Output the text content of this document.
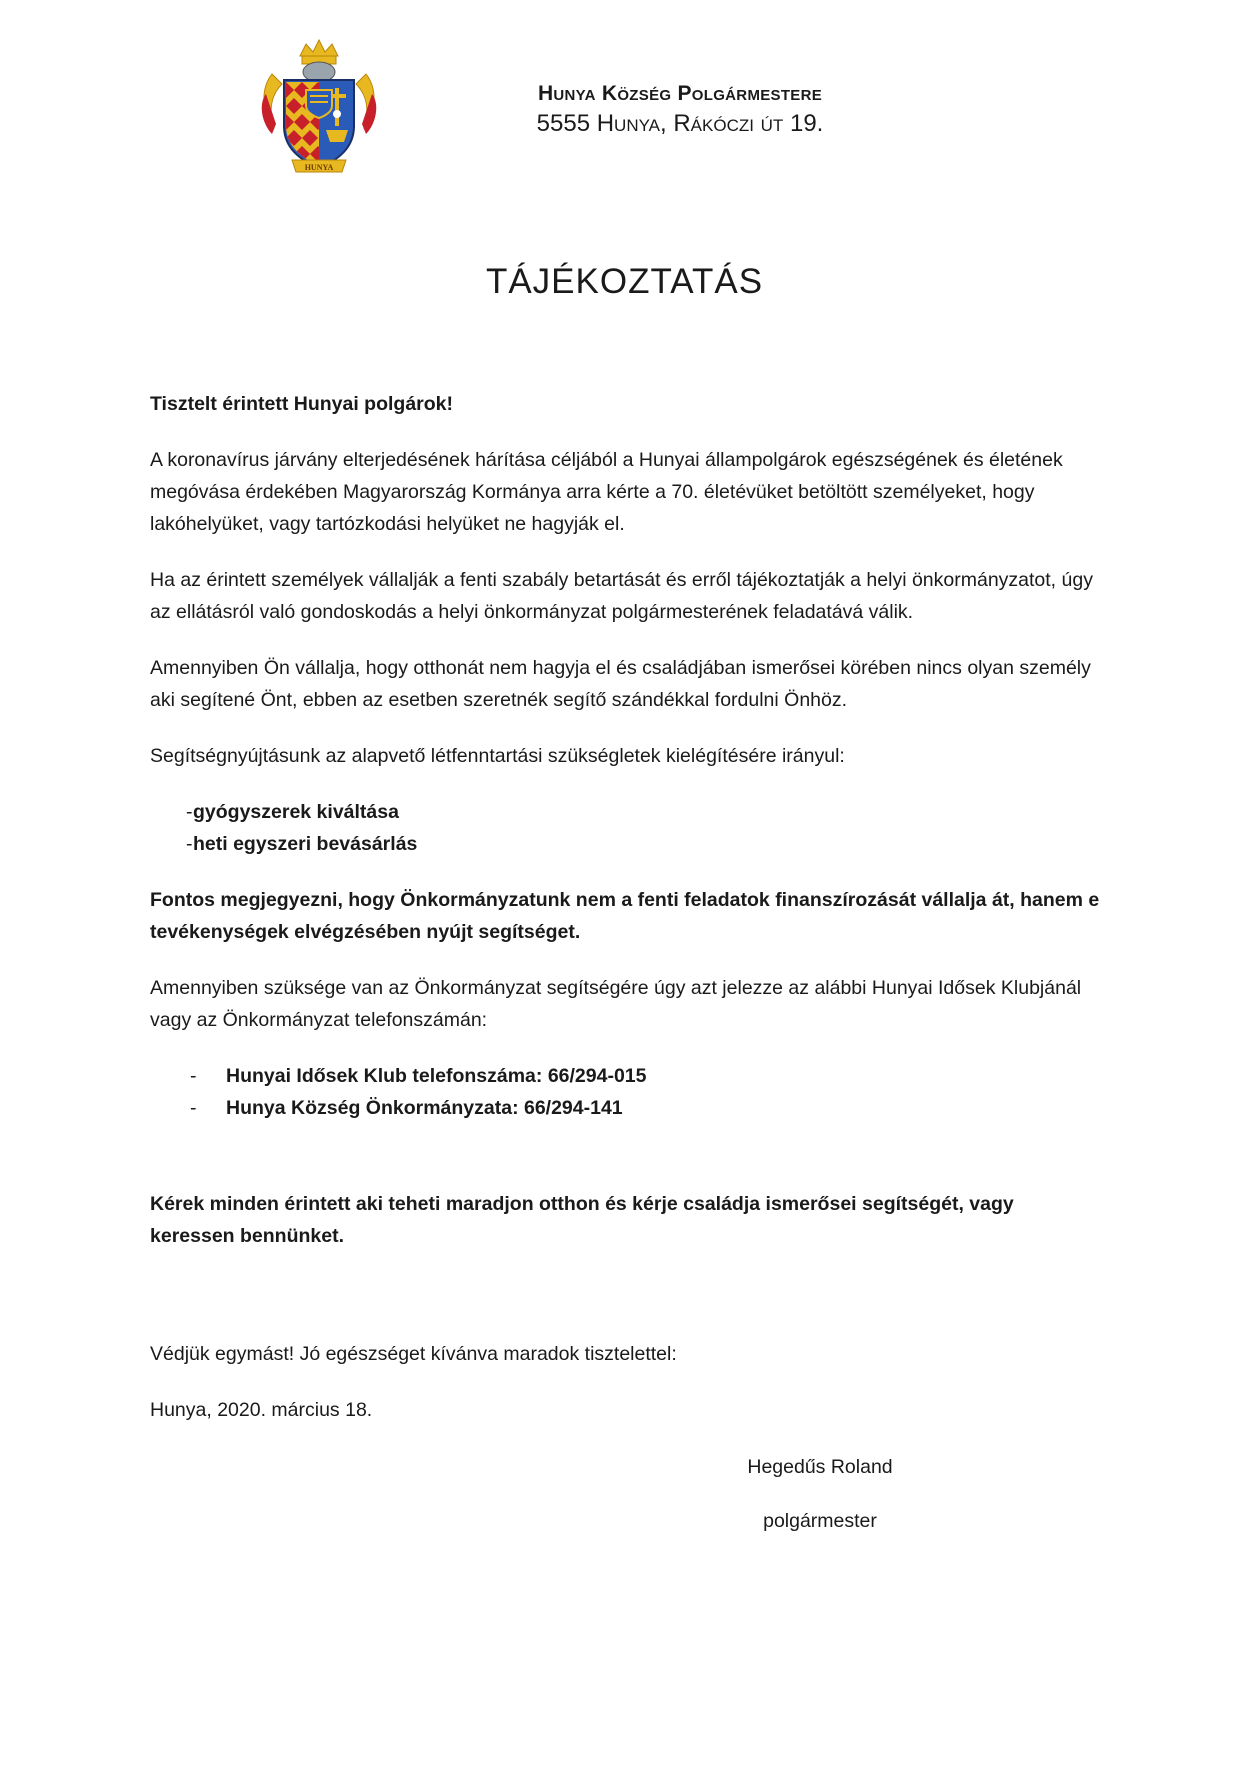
HUNYA
Hunya Község Polgármestere
5555 Hunya, Rákóczi út 19.
TÁJÉKOZTATÁS

Tisztelt érintett Hunyai polgárok!

A koronavírus járvány elterjedésének hárítása céljából a Hunyai állampolgárok egészségének és életének megóvása érdekében Magyarország Kormánya arra kérte a 70. életévüket betöltött személyeket, hogy lakóhelyüket, vagy tartózkodási helyüket ne hagyják el.

Ha az érintett személyek vállalják a fenti szabály betartását és erről tájékoztatják a helyi önkormányzatot, úgy az ellátásról való gondoskodás a helyi önkormányzat polgármesterének feladatává válik.

Amennyiben Ön vállalja, hogy otthonát nem hagyja el és családjában ismerősei körében nincs olyan személy aki segítené Önt, ebben az esetben szeretnék segítő szándékkal fordulni Önhöz.

Segítségnyújtásunk az alapvető létfenntartási szükségletek kielégítésére irányul:

- gyógyszerek kiváltása
- heti egyszeri bevásárlás

Fontos megjegyezni, hogy Önkormányzatunk nem a fenti feladatok finanszírozását vállalja át, hanem e tevékenységek elvégzésében nyújt segítséget.

Amennyiben szüksége van az Önkormányzat segítségére úgy azt jelezze az alábbi Hunyai Idősek Klubjánál vagy az Önkormányzat telefonszámán:

- Hunyai Idősek Klub telefonszáma: 66/294-015
- Hunya Község Önkormányzata: 66/294-141

Kérek minden érintett aki teheti maradjon otthon és kérje családja ismerősei segítségét, vagy keressen bennünket.

Védjük egymást! Jó egészséget kívánva maradok tisztelettel:

Hunya, 2020. március 18.

Hegedűs Roland
polgármester
